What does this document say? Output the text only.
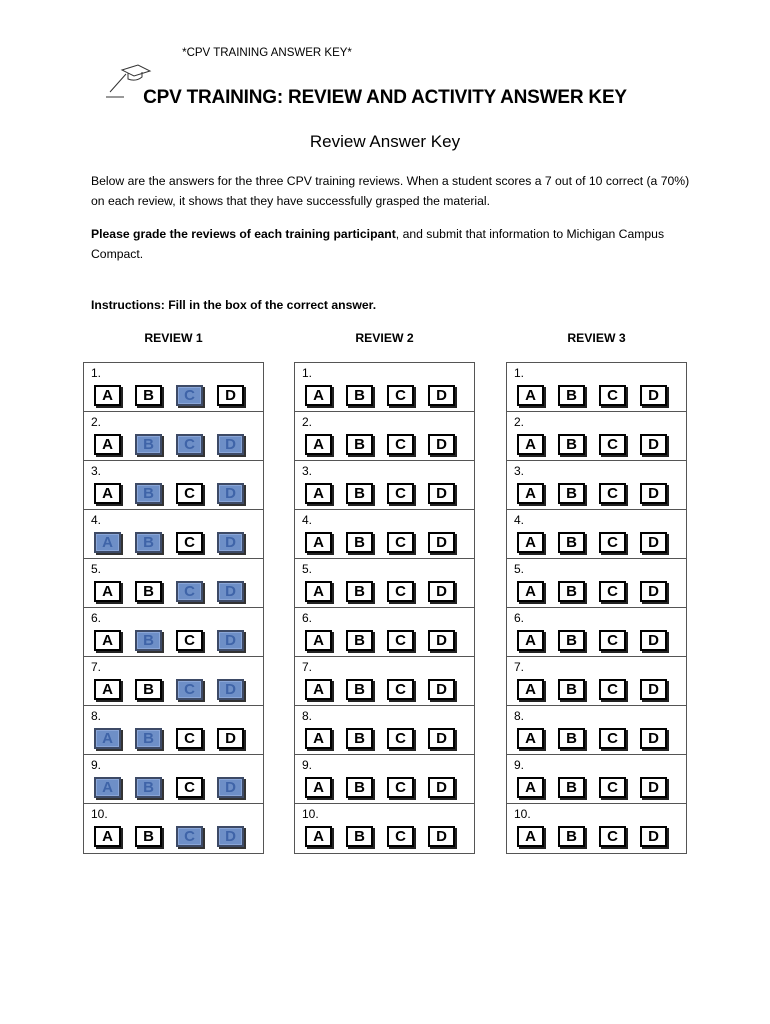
*CPV TRAINING ANSWER KEY*
CPV TRAINING: REVIEW AND ACTIVITY ANSWER KEY
Review Answer Key
Below are the answers for the three CPV training reviews. When a student scores a 7 out of 10 correct (a 70%) on each review, it shows that they have successfully grasped the material.
Please grade the reviews of each training participant, and submit that information to Michigan Campus Compact.
Instructions: Fill in the box of the correct answer.
REVIEW 1
1.
A	B	C	D
2.
A	B	C	D
3.
A	B	C	D
4.
A	B	C	D
5.
A	B	C	D
6.
A	B	C	D
7.
A	B	C	D
8.
A	B	C	D
9.
A	B	C	D
10.
A	B	C	D
REVIEW 2
1.
A	B	C	D
2.
A	B	C	D
3.
A	B	C	D
4.
A	B	C	D
5.
A	B	C	D
6.
A	B	C	D
7.
A	B	C	D
8.
A	B	C	D
9.
A	B	C	D
10.
A	B	C	D
REVIEW 3
1.
A	B	C	D
2.
A	B	C	D
3.
A	B	C	D
4.
A	B	C	D
5.
A	B	C	D
6.
A	B	C	D
7.
A	B	C	D
8.
A	B	C	D
9.
A	B	C	D
10.
A	B	C	D
